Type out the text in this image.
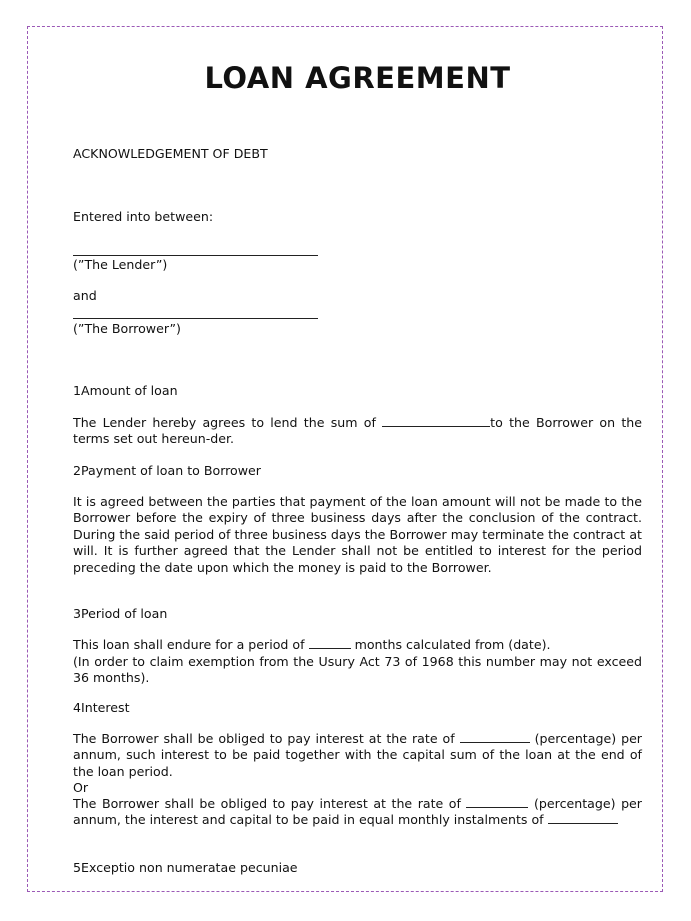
LOAN AGREEMENT

ACKNOWLEDGEMENT OF DEBT

Entered into between:

(”The Lender”)

and

(”The Borrower”)

1Amount of loan

The Lender hereby agrees to lend the sum of	to the Borrower on the terms set out hereun-der.

2Payment of loan to Borrower

It is agreed between the parties that payment of the loan amount will not be made to the Borrower before the expiry of three business days after the conclusion of the contract. During the said period of three business days the Borrower may terminate the contract at will. It is further agreed that the Lender shall not be entitled to interest for the period preceding the date upon which the money is paid to the Borrower.

3Period of loan

This loan shall endure for a period of	months calculated from (date).

(In order to claim exemption from the Usury Act 73 of 1968 this number may not exceed 36 months).

4Interest

The Borrower shall be obliged to pay interest at the rate of	(percentage) per annum, such interest to be paid together with the capital sum of the loan at the end of the loan period.

Or

The Borrower shall be obliged to pay interest at the rate of	(percentage) per annum, the interest and capital to be paid in equal monthly instalments of

5Exceptio non numeratae pecuniae
